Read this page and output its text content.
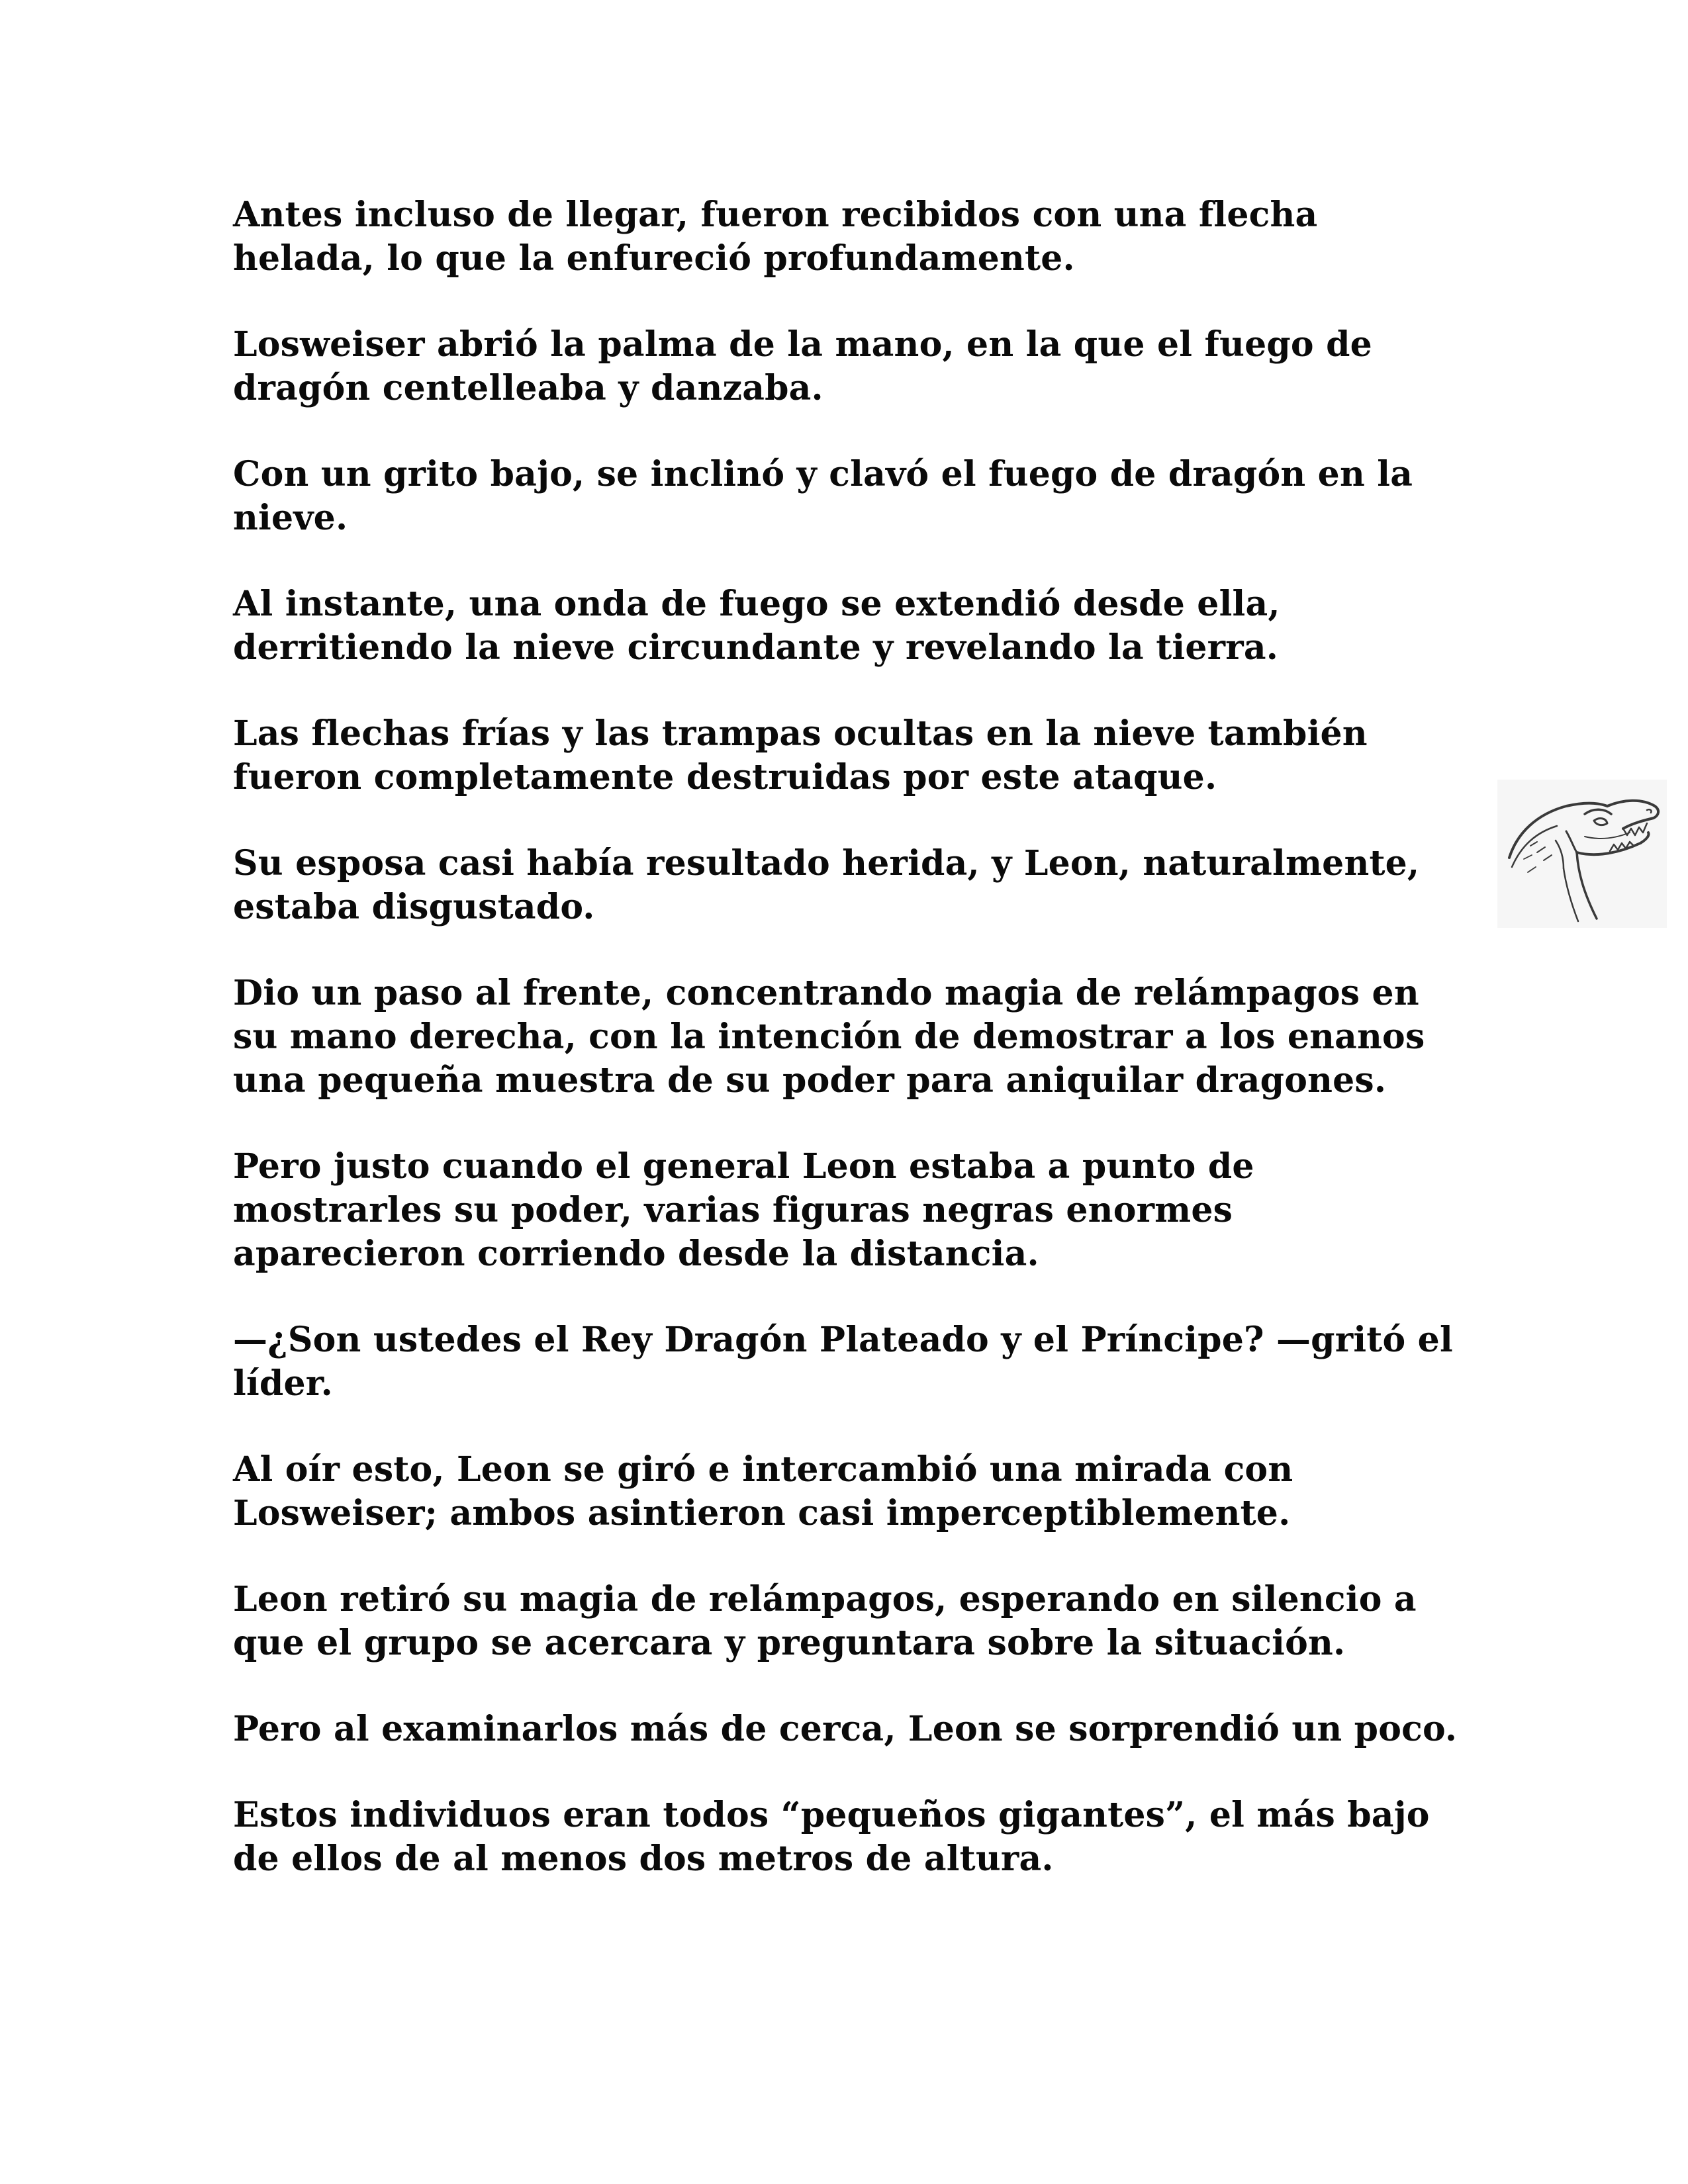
Antes incluso de llegar, fueron recibidos con una flecha
helada, lo que la enfureció profundamente.

Losweiser abrió la palma de la mano, en la que el fuego de
dragón centelleaba y danzaba.

Con un grito bajo, se inclinó y clavó el fuego de dragón en la
nieve.

Al instante, una onda de fuego se extendió desde ella,
derritiendo la nieve circundante y revelando la tierra.

Las flechas frías y las trampas ocultas en la nieve también
fueron completamente destruidas por este ataque.

Su esposa casi había resultado herida, y Leon, naturalmente,
estaba disgustado.

Dio un paso al frente, concentrando magia de relámpagos en
su mano derecha, con la intención de demostrar a los enanos
una pequeña muestra de su poder para aniquilar dragones.

Pero justo cuando el general Leon estaba a punto de
mostrarles su poder, varias figuras negras enormes
aparecieron corriendo desde la distancia.

—¿Son ustedes el Rey Dragón Plateado y el Príncipe? —gritó el
líder.

Al oír esto, Leon se giró e intercambió una mirada con
Losweiser; ambos asintieron casi imperceptiblemente.

Leon retiró su magia de relámpagos, esperando en silencio a
que el grupo se acercara y preguntara sobre la situación.

Pero al examinarlos más de cerca, Leon se sorprendió un poco.

Estos individuos eran todos “pequeños gigantes”, el más bajo
de ellos de al menos dos metros de altura.
